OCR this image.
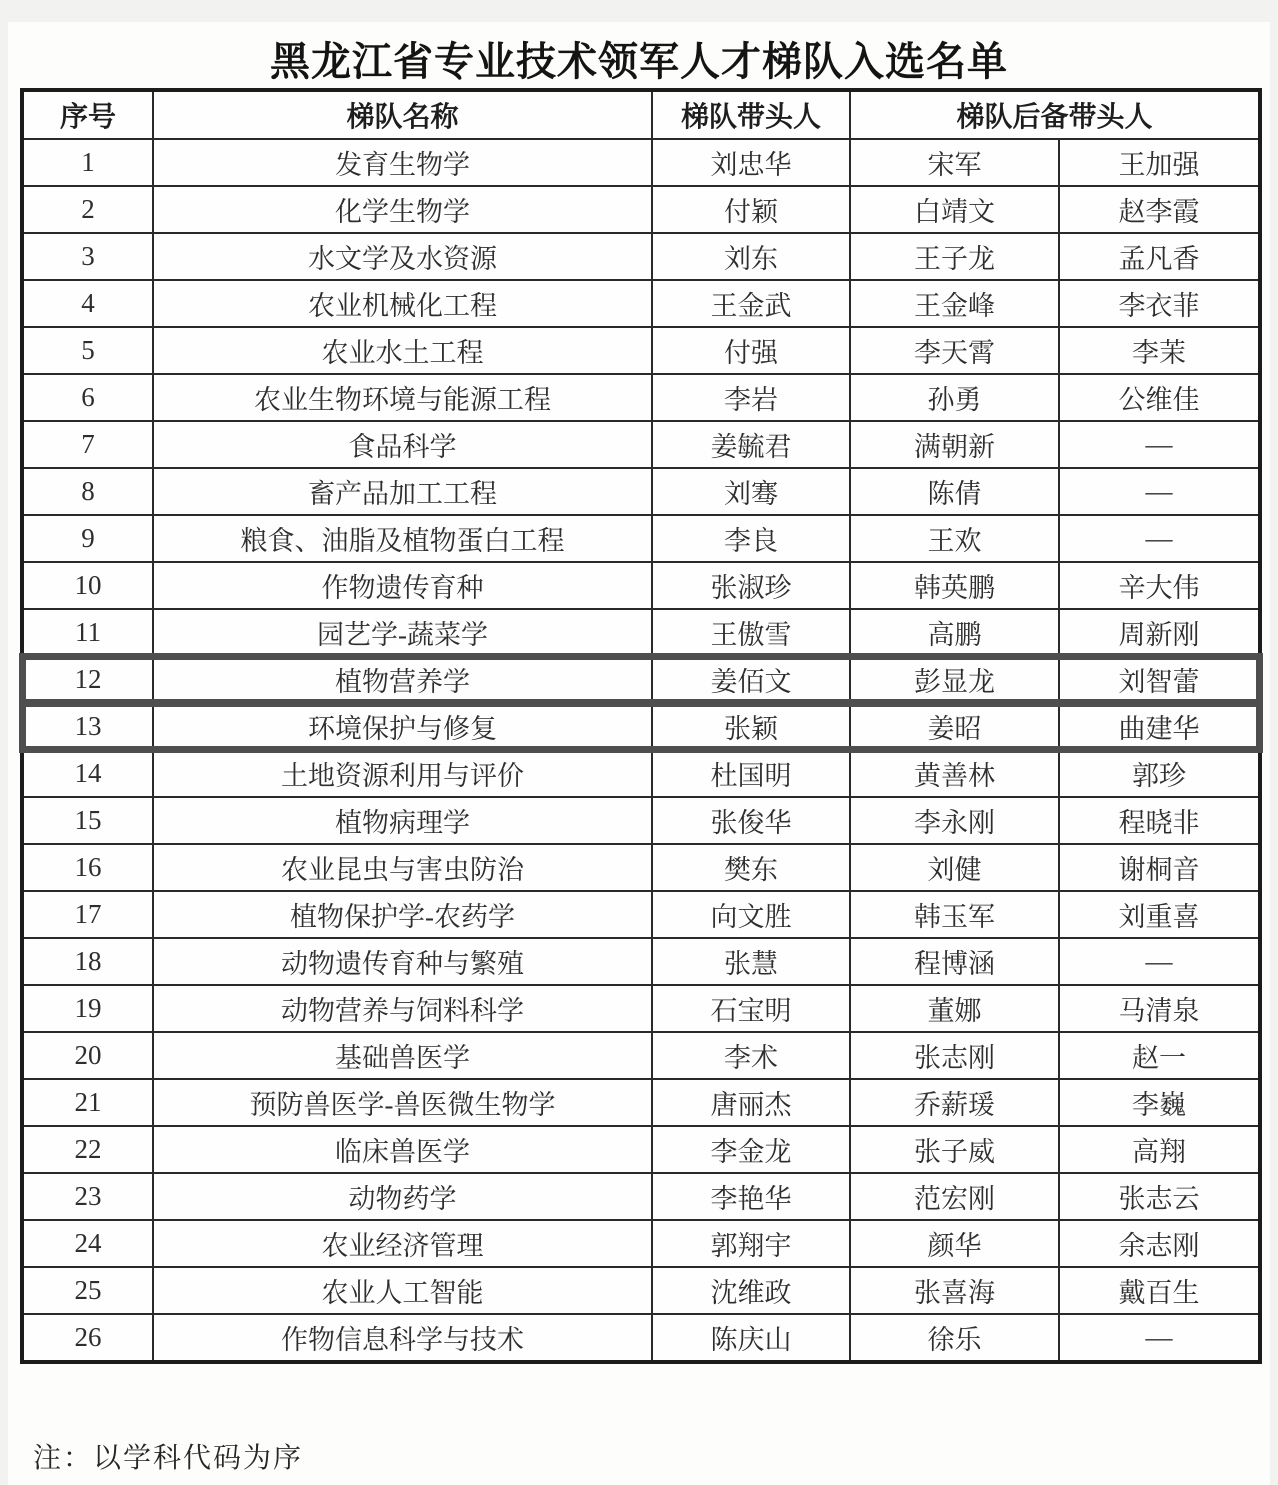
黑龙江省专业技术领军人才梯队入选名单
序号	梯队名称	梯队带头人	梯队后备带头人	
1	发育生物学	刘忠华	宋军	王加强
2	化学生物学	付颖	白靖文	赵李霞
3	水文学及水资源	刘东	王子龙	孟凡香
4	农业机械化工程	王金武	王金峰	李衣菲
5	农业水土工程	付强	李天霄	李茉
6	农业生物环境与能源工程	李岩	孙勇	公维佳
7	食品科学	姜毓君	满朝新	—
8	畜产品加工工程	刘骞	陈倩	—
9	粮食、油脂及植物蛋白工程	李良	王欢	—
10	作物遗传育种	张淑珍	韩英鹏	辛大伟
11	园艺学-蔬菜学	王傲雪	高鹏	周新刚
12	植物营养学	姜佰文	彭显龙	刘智蕾
13	环境保护与修复	张颖	姜昭	曲建华
14	土地资源利用与评价	杜国明	黄善林	郭珍
15	植物病理学	张俊华	李永刚	程晓非
16	农业昆虫与害虫防治	樊东	刘健	谢桐音
17	植物保护学-农药学	向文胜	韩玉军	刘重喜
18	动物遗传育种与繁殖	张慧	程博涵	—
19	动物营养与饲料科学	石宝明	董娜	马清泉
20	基础兽医学	李术	张志刚	赵一
21	预防兽医学-兽医微生物学	唐丽杰	乔薪瑗	李巍
22	临床兽医学	李金龙	张子威	高翔
23	动物药学	李艳华	范宏刚	张志云
24	农业经济管理	郭翔宇	颜华	余志刚
25	农业人工智能	沈维政	张喜海	戴百生
26	作物信息科学与技术	陈庆山	徐乐	—
注：以学科代码为序
